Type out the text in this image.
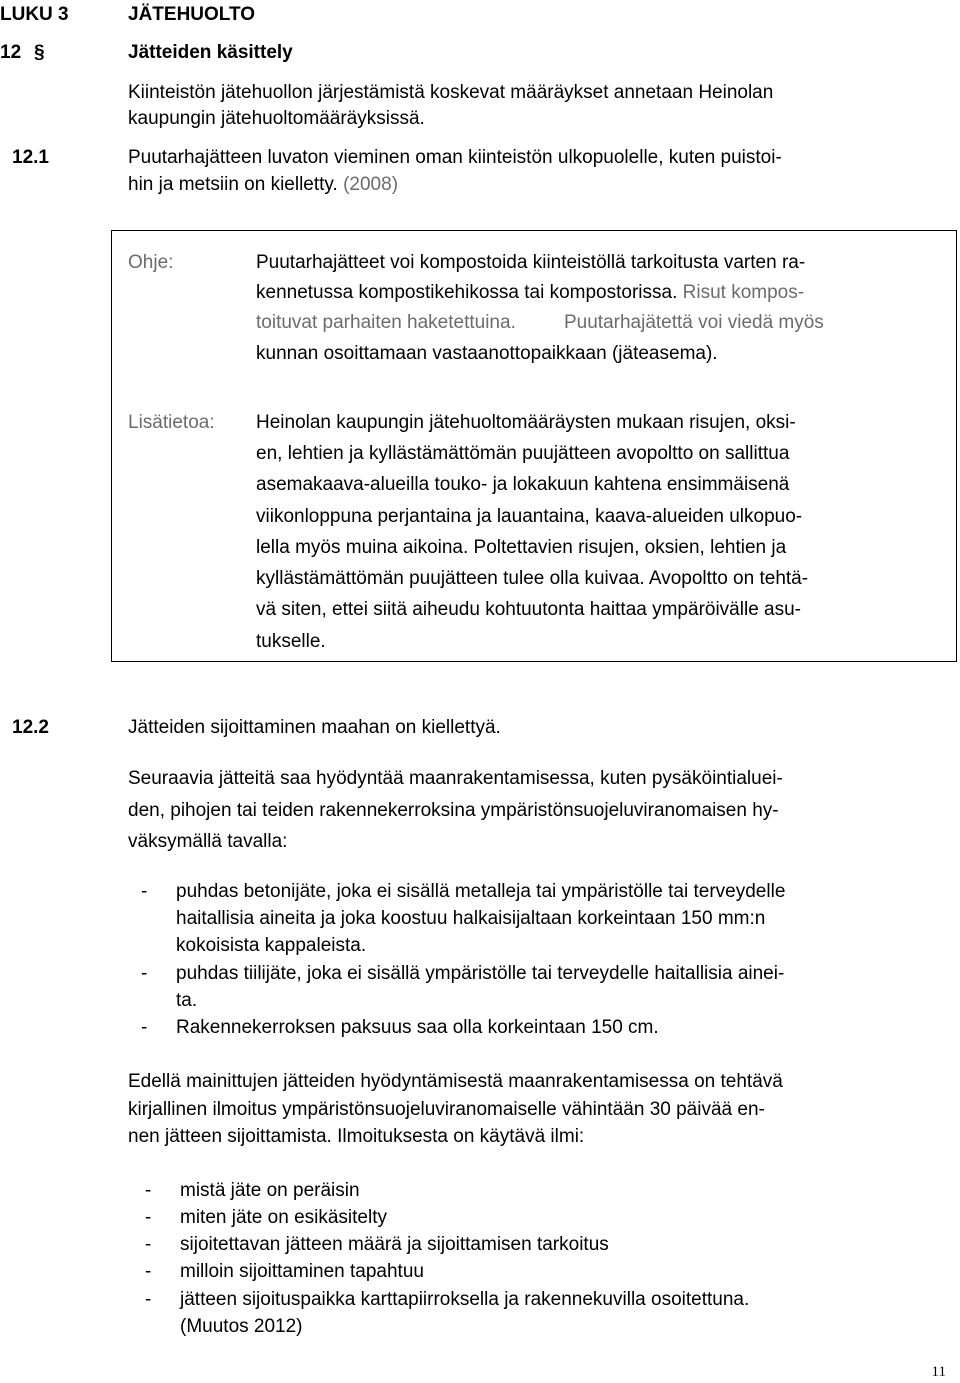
LUKU 3	JÄTEHUOLTO
12 §	Jätteiden käsittely
Kiinteistön jätehuollon järjestämistä koskevat määräykset annetaan Heinolan
kaupungin jätehuoltomääräyksissä.
12.1	Puutarhajätteen luvaton vieminen oman kiinteistön ulkopuolelle, kuten puistoi-
hin ja metsiin on kielletty. (2008)
Ohje:	Puutarhajätteet voi kompostoida kiinteistöllä tarkoitusta varten ra-
kennetussa kompostikehikossa tai kompostorissa. Risut kompos-
toituvat parhaiten haketettuina.	Puutarhajätettä voi viedä myös
kunnan osoittamaan vastaanottopaikkaan (jäteasema).
Lisätietoa: Heinolan kaupungin jätehuoltomääräysten mukaan risujen, oksi-
en, lehtien ja kyllästämättömän puujätteen avopoltto on sallittua
asemakaava-alueilla touko- ja lokakuun kahtena ensimmäisenä
viikonloppuna perjantaina ja lauantaina, kaava-alueiden ulkopuo-
lella myös muina aikoina. Poltettavien risujen, oksien, lehtien ja
kyllästämättömän puujätteen tulee olla kuivaa. Avopoltto on tehtä-
vä siten, ettei siitä aiheudu kohtuutonta haittaa ympäröivälle asu-
tukselle.
12.2	Jätteiden sijoittaminen maahan on kiellettyä.
Seuraavia jätteitä saa hyödyntää maanrakentamisessa, kuten pysäköintialuei-
den, pihojen tai teiden rakennekerroksina ympäristönsuojeluviranomaisen hy-
väksymällä tavalla:
- puhdas betonijäte, joka ei sisällä metalleja tai ympäristölle tai terveydelle
haitallisia aineita ja joka koostuu halkaisijaltaan korkeintaan 150 mm:n
kokoisista kappaleista.
- puhdas tiilijäte, joka ei sisällä ympäristölle tai terveydelle haitallisia ainei-
ta.
- Rakennekerroksen paksuus saa olla korkeintaan 150 cm.
Edellä mainittujen jätteiden hyödyntämisestä maanrakentamisessa on tehtävä
kirjallinen ilmoitus ympäristönsuojeluviranomaiselle vähintään 30 päivää en-
nen jätteen sijoittamista. Ilmoituksesta on käytävä ilmi:
- mistä jäte on peräisin
- miten jäte on esikäsitelty
- sijoitettavan jätteen määrä ja sijoittamisen tarkoitus
- milloin sijoittaminen tapahtuu
- jätteen sijoituspaikka karttapiirroksella ja rakennekuvilla osoitettuna.
(Muutos 2012)
11
